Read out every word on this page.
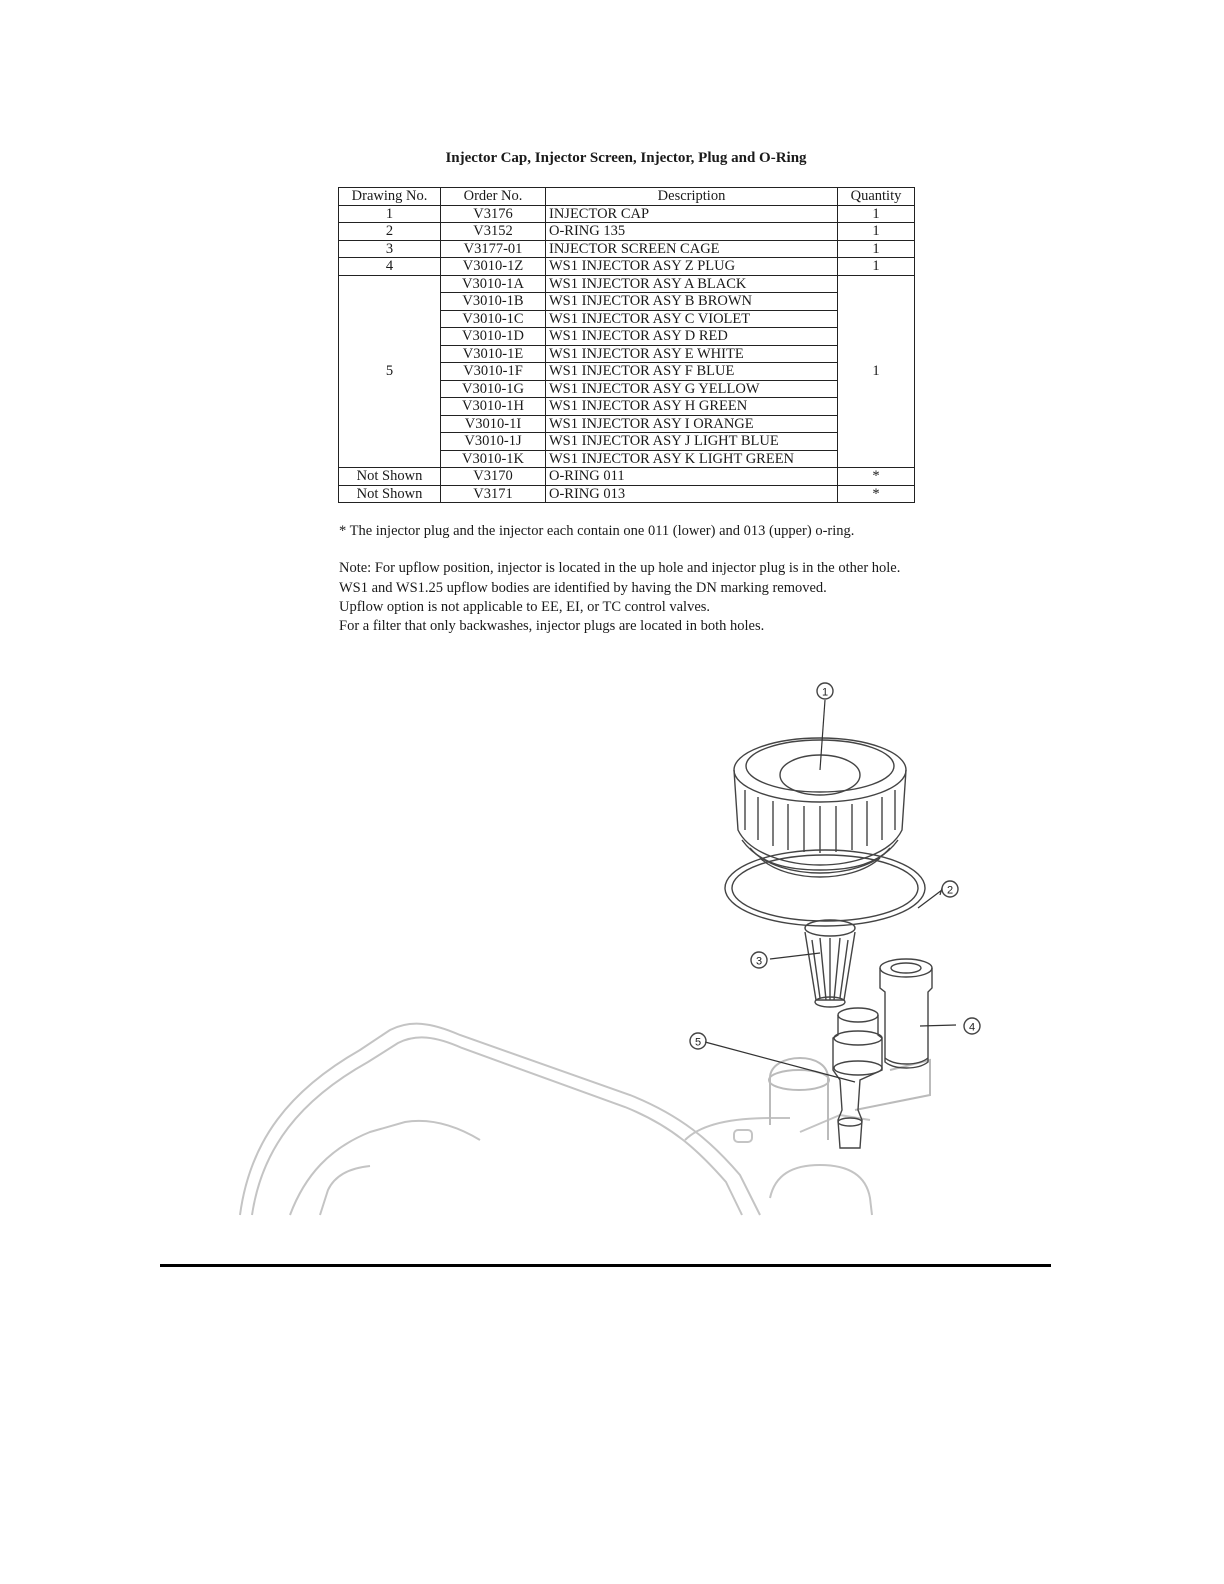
Injector Cap, Injector Screen, Injector, Plug and O-Ring
Drawing No.	Order No.	Description	Quantity
1	V3176	INJECTOR CAP	1
2	V3152	O-RING 135	1
3	V3177-01	INJECTOR SCREEN CAGE	1
4	V3010-1Z	WS1 INJECTOR ASY Z PLUG	1
5	V3010-1A	WS1 INJECTOR ASY A BLACK	1
	V3010-1B	WS1 INJECTOR ASY B BROWN	
	V3010-1C	WS1 INJECTOR ASY C VIOLET	
	V3010-1D	WS1 INJECTOR ASY D RED	
	V3010-1E	WS1 INJECTOR ASY E WHITE	
	V3010-1F	WS1 INJECTOR ASY F BLUE	
	V3010-1G	WS1 INJECTOR ASY G YELLOW	
	V3010-1H	WS1 INJECTOR ASY H GREEN	
	V3010-1I	WS1 INJECTOR ASY I ORANGE	
	V3010-1J	WS1 INJECTOR ASY J LIGHT BLUE	
	V3010-1K	WS1 INJECTOR ASY K LIGHT GREEN	
Not Shown	V3170	O-RING 011	*
Not Shown	V3171	O-RING 013	*

* The injector plug and the injector each contain one 011 (lower) and 013 (upper) o-ring.

Note: For upflow position, injector is located in the up hole and injector plug is in the other hole.

WS1 and WS1.25 upflow bodies are identified by having the DN marking removed.

Upflow option is not applicable to EE, EI, or TC control valves.

For a filter that only backwashes, injector plugs are located in both holes.

1
2
3
4
5
